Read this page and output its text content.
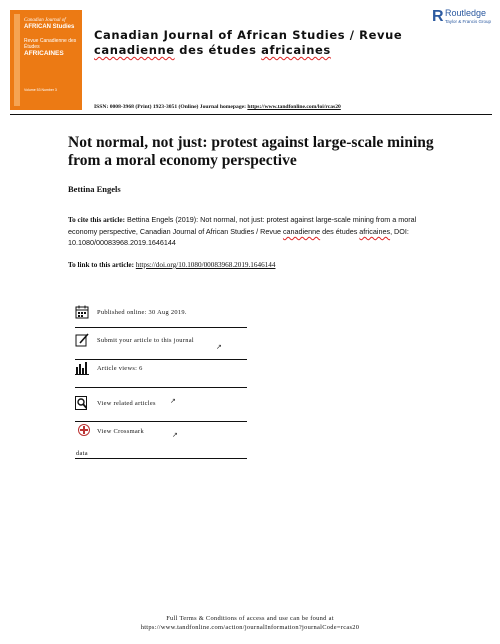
Canadian Journal of
AFRICAN Studies
Revue Canadienne des Études
AFRICAINES
Volume 53 Number 3
Canadian Journal of African Studies / Revue canadienne des études africaines
R Routledge
Taylor & Francis Group
ISSN: 0008-3968 (Print) 1923-3051 (Online) Journal homepage: https://www.tandfonline.com/loi/rcas20
Not normal, not just: protest against large-scale mining from a moral economy perspective
Bettina Engels
To cite this article: Bettina Engels (2019): Not normal, not just: protest against large-scale mining from a moral economy perspective, Canadian Journal of African Studies / Revue canadienne des études africaines, DOI: 10.1080/00083968.2019.1646144
To link to this article: https://doi.org/10.1080/00083968.2019.1646144
Published online: 30 Aug 2019.
Submit your article to this journal
↗
Article views: 6
View related articles ↗
View Crossmark	↗
data
Full Terms & Conditions of access and use can be found at
https://www.tandfonline.com/action/journalInformation?journalCode=rcas20
